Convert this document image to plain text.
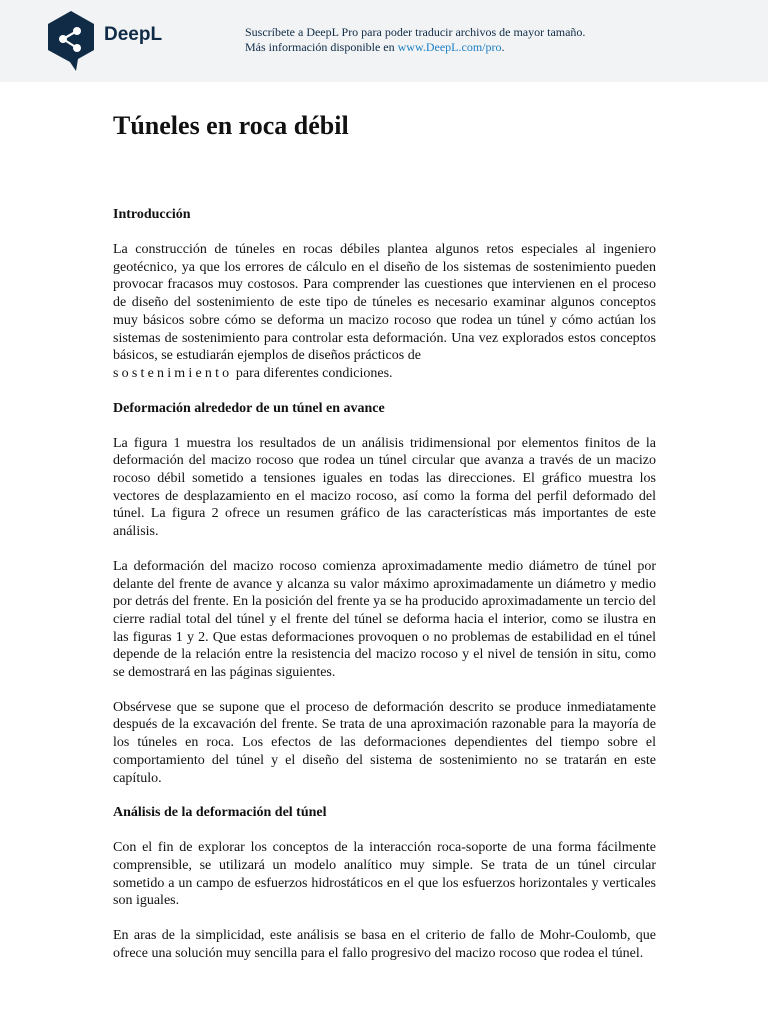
DeepL	Suscríbete a DeepL Pro para poder traducir archivos de mayor tamaño.
Más información disponible en www.DeepL.com/pro.
Túneles en roca débil
Introducción

La construcción de túneles en rocas débiles plantea algunos retos especiales al ingeniero geotécnico, ya que los errores de cálculo en el diseño de los sistemas de sostenimiento pueden provocar fracasos muy costosos. Para comprender las cuestiones que intervienen en el proceso de diseño del sostenimiento de este tipo de túneles es necesario examinar algunos conceptos muy básicos sobre cómo se deforma un macizo rocoso que rodea un túnel y cómo actúan los sistemas de sostenimiento para controlar esta deformación. Una vez explorados estos conceptos básicos, se estudiarán ejemplos de diseños prácticos de
sostenimiento para diferentes condiciones.

Deformación alrededor de un túnel en avance

La figura 1 muestra los resultados de un análisis tridimensional por elementos finitos de la deformación del macizo rocoso que rodea un túnel circular que avanza a través de un macizo rocoso débil sometido a tensiones iguales en todas las direcciones. El gráfico muestra los vectores de desplazamiento en el macizo rocoso, así como la forma del perfil deformado del túnel. La figura 2 ofrece un resumen gráfico de las características más importantes de este análisis.

La deformación del macizo rocoso comienza aproximadamente medio diámetro de túnel por delante del frente de avance y alcanza su valor máximo aproximadamente un diámetro y medio por detrás del frente. En la posición del frente ya se ha producido aproximadamente un tercio del cierre radial total del túnel y el frente del túnel se deforma hacia el interior, como se ilustra en las figuras 1 y 2. Que estas deformaciones provoquen o no problemas de estabilidad en el túnel depende de la relación entre la resistencia del macizo rocoso y el nivel de tensión in situ, como se demostrará en las páginas siguientes.

Obsérvese que se supone que el proceso de deformación descrito se produce inmediatamente después de la excavación del frente. Se trata de una aproximación razonable para la mayoría de los túneles en roca. Los efectos de las deformaciones dependientes del tiempo sobre el comportamiento del túnel y el diseño del sistema de sostenimiento no se tratarán en este capítulo.

Análisis de la deformación del túnel

Con el fin de explorar los conceptos de la interacción roca-soporte de una forma fácilmente comprensible, se utilizará un modelo analítico muy simple. Se trata de un túnel circular sometido a un campo de esfuerzos hidrostáticos en el que los esfuerzos horizontales y verticales son iguales.

En aras de la simplicidad, este análisis se basa en el criterio de fallo de Mohr-Coulomb, que ofrece una solución muy sencilla para el fallo progresivo del macizo rocoso que rodea el túnel.
